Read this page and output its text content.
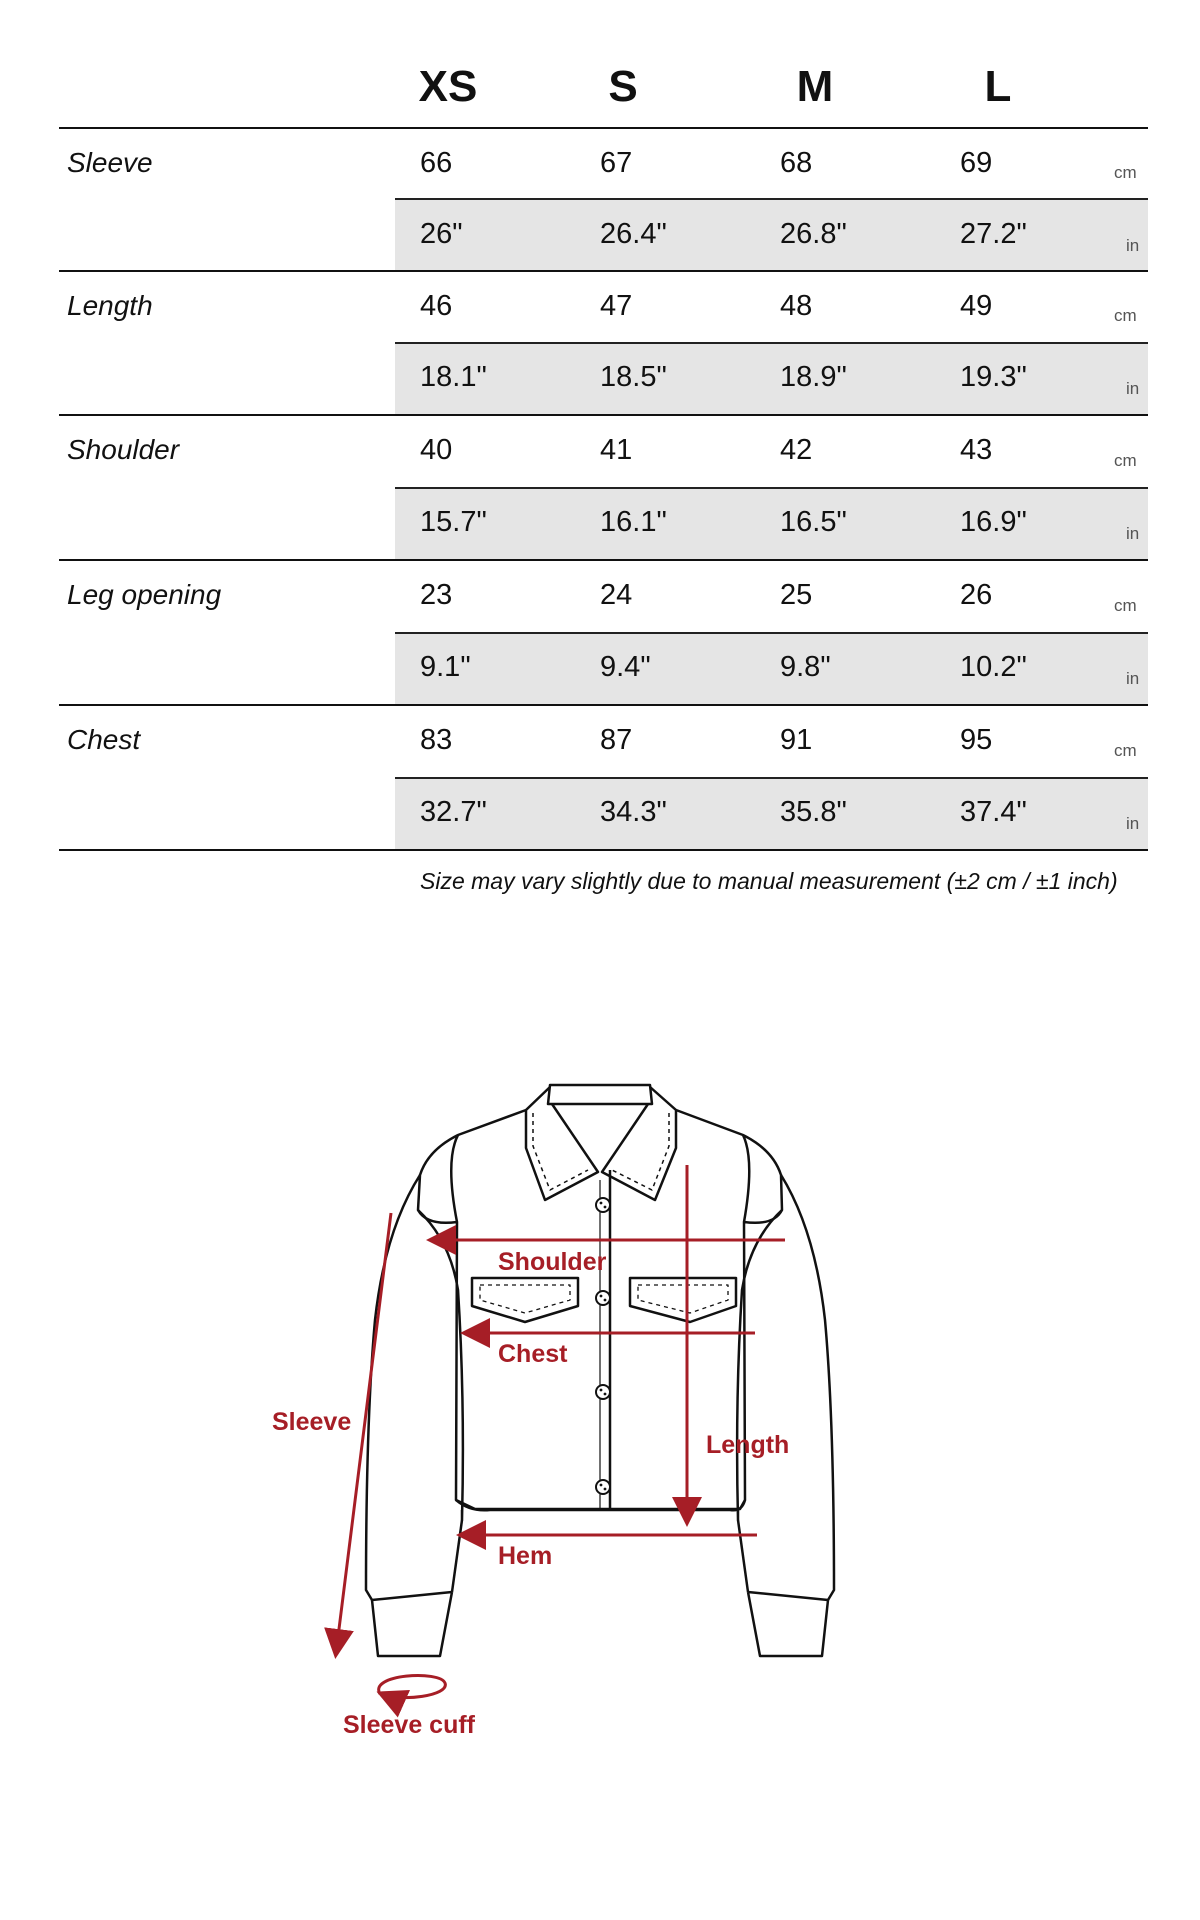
XS	S	M	L
Sleeve	66	67	68	69	cm
26"	26.4"	26.8"	27.2"	in
Length	46	47	48	49	cm
18.1"	18.5"	18.9"	19.3"	in
Shoulder	40	41	42	43	cm
15.7"	16.1"	16.5"	16.9"	in
Leg opening	23	24	25	26	cm
9.1"	9.4"	9.8"	10.2"	in
Chest	83	87	91	95	cm
32.7"	34.3"	35.8"	37.4"	in
Size may vary slightly due to manual measurement (±2 cm / ±1 inch)
Shoulder
Chest
Sleeve
Length
Hem
Sleeve cuff
